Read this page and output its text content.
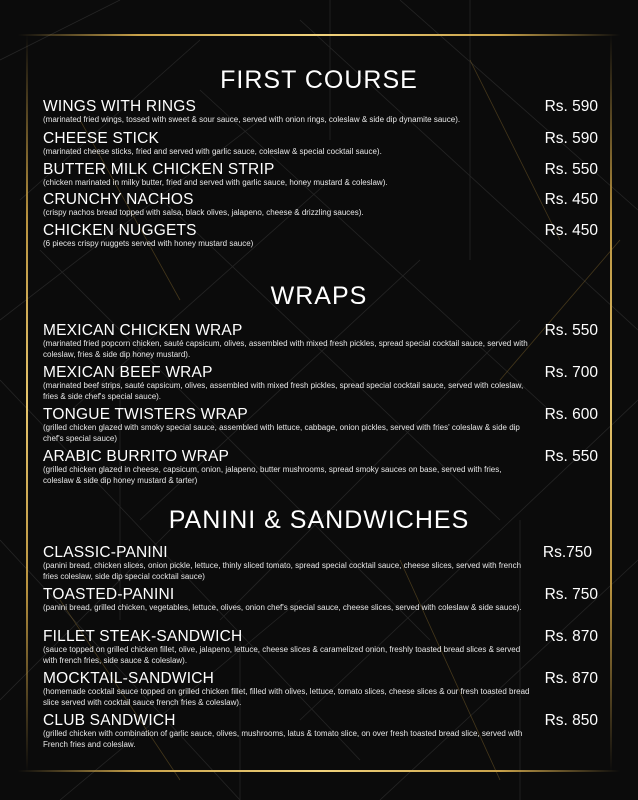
FIRST COURSE
WINGS WITH RINGS
(marinated fried wings, tossed with sweet & sour sauce, served with onion rings, coleslaw & side dip dynamite sauce).
Rs. 590
CHEESE STICK
(marinated cheese sticks, fried and served with garlic sauce, coleslaw & special cocktail sauce).
Rs. 590
BUTTER MILK CHICKEN STRIP
(chicken marinated in milky butter, fried and served with garlic sauce, honey mustard & coleslaw).
Rs. 550
CRUNCHY NACHOS
(crispy nachos bread topped with salsa, black olives, jalapeno, cheese & drizzling sauces).
Rs. 450
CHICKEN NUGGETS
(6 pieces crispy nuggets served with honey mustard sauce)
Rs. 450
WRAPS
MEXICAN CHICKEN WRAP
(marinated fried popcorn chicken, sauté capsicum, olives, assembled with mixed fresh pickles, spread special cocktail sauce, served with coleslaw, fries & side dip honey mustard).
Rs. 550
MEXICAN BEEF WRAP
(marinated beef strips, sauté capsicum, olives, assembled with mixed fresh pickles, spread special cocktail sauce, served with coleslaw, fries & side chef's special sauce).
Rs. 700
TONGUE TWISTERS WRAP
(grilled chicken glazed with smoky special sauce, assembled with lettuce, cabbage, onion pickles, served with fries' coleslaw & side dip chef's special sauce)
Rs. 600
ARABIC BURRITO WRAP
(grilled chicken glazed in cheese, capsicum, onion, jalapeno, butter mushrooms, spread smoky sauces on base, served with fries, coleslaw & side dip honey mustard & tarter)
Rs. 550
PANINI & SANDWICHES
CLASSIC-PANINI
(panini bread, chicken slices, onion pickle, lettuce, thinly sliced tomato, spread special cocktail sauce, cheese slices, served with french fries coleslaw, side dip special cocktail sauce)
Rs.750
TOASTED-PANINI
(panini bread, grilled chicken, vegetables, lettuce, olives, onion chef's special sauce, cheese slices, served with coleslaw & side sauce).
Rs. 750
FILLET STEAK-SANDWICH
(sauce topped on grilled chicken fillet, olive, jalapeno, lettuce, cheese slices & caramelized onion, freshly toasted bread slices & served with french fries, side sauce & coleslaw).
Rs. 870
MOCKTAIL-SANDWICH
(homemade cocktail sauce topped on grilled chicken fillet, filled with olives, lettuce, tomato slices, cheese slices & our fresh toasted bread slice served with cocktail sauce french fries & coleslaw).
Rs. 870
CLUB SANDWICH
(grilled chicken with combination of garlic sauce, olives, mushrooms, latus & tomato slice, on over fresh toasted bread slice, served with French fries and coleslaw.
Rs. 850
